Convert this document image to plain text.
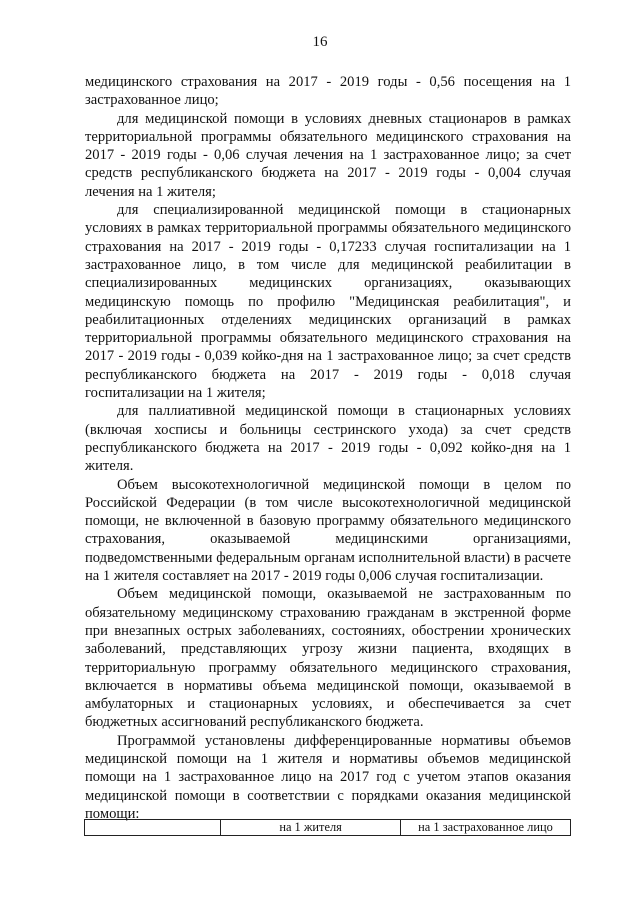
16

медицинского страхования на 2017 - 2019 годы - 0,56 посещения на 1 застрахованное лицо;

для медицинской помощи в условиях дневных стационаров в рамках территориальной программы обязательного медицинского страхования на 2017 - 2019 годы - 0,06 случая лечения на 1 застрахованное лицо; за счет средств республиканского бюджета на 2017 - 2019 годы - 0,004 случая лечения на 1 жителя;

для специализированной медицинской помощи в стационарных условиях в рамках территориальной программы обязательного медицинского страхования на 2017 - 2019 годы - 0,17233 случая госпитализации на 1 застрахованное лицо, в том числе для медицинской реабилитации в специализированных медицинских организациях, оказывающих медицинскую помощь по профилю "Медицинская реабилитация", и реабилитационных отделениях медицинских организаций в рамках территориальной программы обязательного медицинского страхования на 2017 - 2019 годы - 0,039 койко-дня на 1 застрахованное лицо; за счет средств республиканского бюджета на 2017 - 2019 годы - 0,018 случая госпитализации на 1 жителя;

для паллиативной медицинской помощи в стационарных условиях (включая хосписы и больницы сестринского ухода) за счет средств республиканского бюджета на 2017 - 2019 годы - 0,092 койко-дня на 1 жителя.

Объем высокотехнологичной медицинской помощи в целом по Российской Федерации (в том числе высокотехнологичной медицинской помощи, не включенной в базовую программу обязательного медицинского страхования, оказываемой медицинскими организациями, подведомственными федеральным органам исполнительной власти) в расчете на 1 жителя составляет на 2017 - 2019 годы 0,006 случая госпитализации.

Объем медицинской помощи, оказываемой не застрахованным по обязательному медицинскому страхованию гражданам в экстренной форме при внезапных острых заболеваниях, состояниях, обострении хронических заболеваний, представляющих угрозу жизни пациента, входящих в территориальную программу обязательного медицинского страхования, включается в нормативы объема медицинской помощи, оказываемой в амбулаторных и стационарных условиях, и обеспечивается за счет бюджетных ассигнований республиканского бюджета.

Программой установлены дифференцированные нормативы объемов медицинской помощи на 1 жителя и нормативы объемов медицинской помощи на 1 застрахованное лицо на 2017 год с учетом этапов оказания медицинской помощи в соответствии с порядками оказания медицинской помощи:

	на 1 жителя	на 1 застрахованное лицо
